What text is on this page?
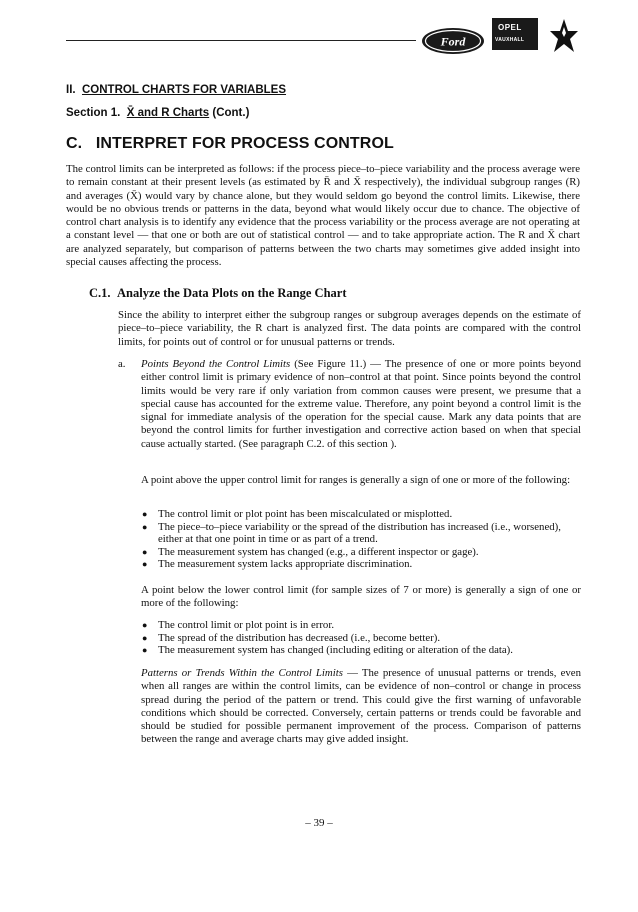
Ford
OPEL
VAUXHALL
II. CONTROL CHARTS FOR VARIABLES
Section 1. X̄ and R Charts (Cont.)
C.   INTERPRET FOR PROCESS CONTROL
The control limits can be interpreted as follows: if the process piece–to–piece variability and the process average were to remain constant at their present levels (as estimated by R̄ and X̄ respectively), the individual subgroup ranges (R) and averages (X̄) would vary by chance alone, but they would seldom go beyond the control limits. Likewise, there would be no obvious trends or patterns in the data, beyond what would likely occur due to chance. The objective of control chart analysis is to identify any evidence that the process variability or the process average are not operating at a constant level — that one or both are out of statistical control — and to take appropriate action. The R and X̄ chart are analyzed separately, but comparison of patterns between the two charts may sometimes give added insight into special causes affecting the process.
C.1. Analyze the Data Plots on the Range Chart
Since the ability to interpret either the subgroup ranges or subgroup averages depends on the estimate of piece–to–piece variability, the R chart is analyzed first. The data points are compared with the control limits, for points out of control or for unusual patterns or trends.
a. Points Beyond the Control Limits (See Figure 11.) — The presence of one or more points beyond either control limit is primary evidence of non–control at that point. Since points beyond the control limits would be very rare if only variation from common causes were present, we presume that a special cause has accounted for the extreme value. Therefore, any point beyond a control limit is the signal for immediate analysis of the operation for the special cause. Mark any data points that are beyond the control limits for further investigation and corrective action based on when that special cause actually started. (See paragraph C.2. of this section ).
A point above the upper control limit for ranges is generally a sign of one or more of the following:
● The control limit or plot point has been miscalculated or misplotted.
● The piece–to–piece variability or the spread of the distribution has increased (i.e., worsened), either at that one point in time or as part of a trend.
● The measurement system has changed (e.g., a different inspector or gage).
● The measurement system lacks appropriate discrimination.
A point below the lower control limit (for sample sizes of 7 or more) is generally a sign of one or more of the following:
● The control limit or plot point is in error.
● The spread of the distribution has decreased (i.e., become better).
● The measurement system has changed (including editing or alteration of the data).
Patterns or Trends Within the Control Limits — The presence of unusual patterns or trends, even when all ranges are within the control limits, can be evidence of non–control or change in process spread during the period of the pattern or trend. This could give the first warning of unfavorable conditions which should be corrected. Conversely, certain patterns or trends could be favorable and should be studied for possible permanent improvement of the process. Comparison of patterns between the range and average charts may give added insight.
– 39 –
